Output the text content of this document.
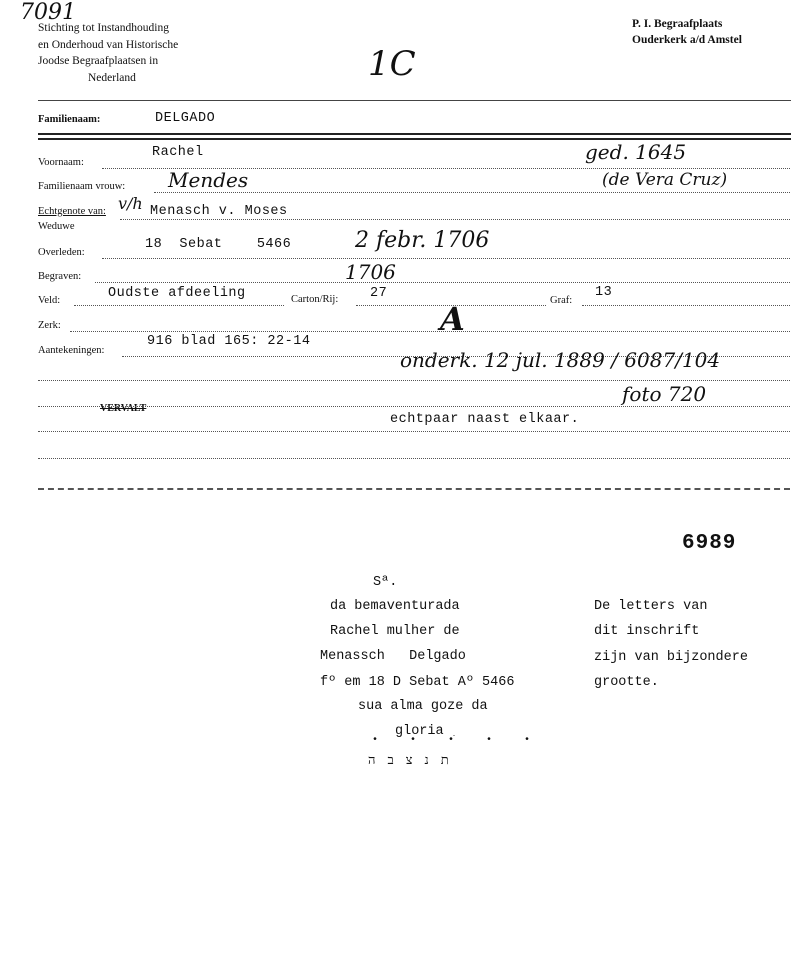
7091
Stichting tot Instandhouding
en Onderhoud van Historische
Joodse Begraafplaatsen in
Nederland
P. I. Begraafplaats
Ouderkerk a/d Amstel
1C
Familienaam:	DELGADO
Voornaam:
Rachel	ged. 1645
Familienaam vrouw: Mendes	(de Vera Cruz)
Echtgenote van: v/h Menasch v. Moses
Weduwe
Overleden:
18  Sebat    5466	2 febr. 1706
Begraven:	1706
Veld:	Oudste afdeeling	Carton/Rij: 27	Graf:
13
Zerk:	A
Aantekeningen:
916 blad 165: 22-14
onderk. 12 jul. 1889 / 6087/104
VERVALT
foto 720
echtpaar naast elkaar.
6989
Sª.
da bemaventurada
Rachel mulher de
Menassch   Delgado
fº em 18 D Sebat Aº 5466
sua alma goze da
gloria
• • •̇ • •
תנצבה
De letters van
dit inschrift
zijn van bijzondere
grootte.
